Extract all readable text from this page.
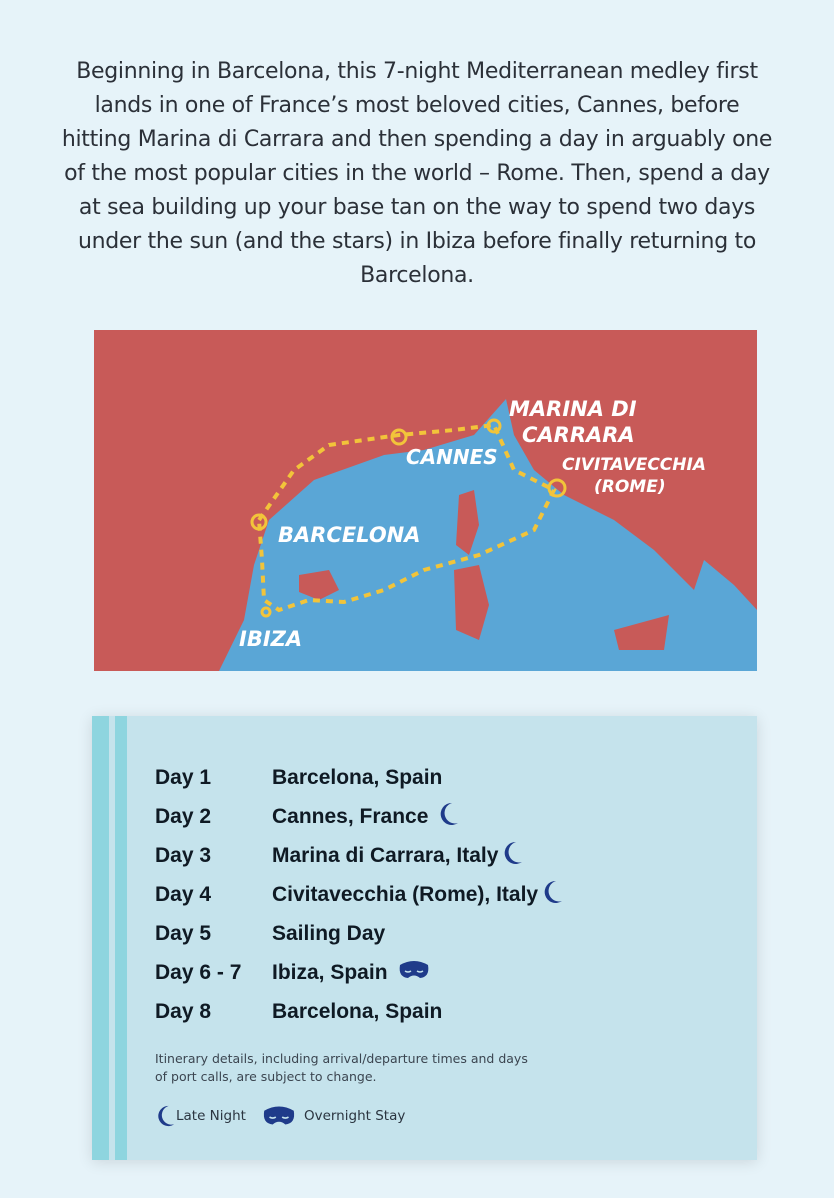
Beginning in Barcelona, this 7-night Mediterranean medley first lands in one of France’s most beloved cities, Cannes, before hitting Marina di Carrara and then spending a day in arguably one of the most popular cities in the world – Rome. Then, spend a day at sea building up your base tan on the way to spend two days under the sun (and the stars) in Ibiza before finally returning to Barcelona.

BARCELONA
CANNES
MARINA DI
CARRARA
CIVITAVECCHIA
(ROME)
IBIZA
Day 1	Barcelona, Spain
Day 2	Cannes, France
Day 3	Marina di Carrara, Italy
Day 4	Civitavecchia (Rome), Italy
Day 5	Sailing Day
Day 6 - 7	Ibiza, Spain
Day 8	Barcelona, Spain

Itinerary details, including arrival/departure times and days of port calls, are subject to change.

Late Night	Overnight Stay
